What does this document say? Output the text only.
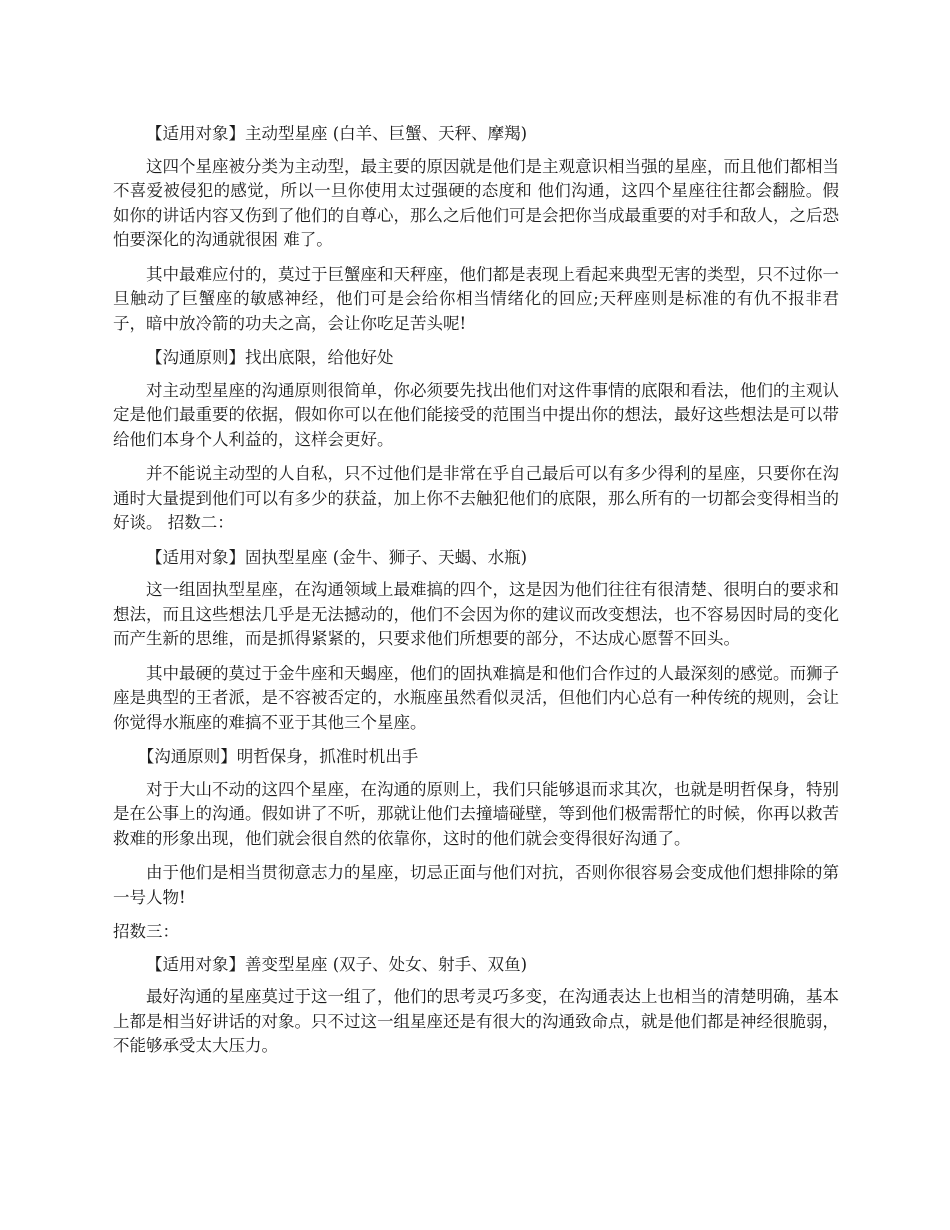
【适用对象】主动型星座 (白羊、巨蟹、天秤、摩羯)

这四个星座被分类为主动型，最主要的原因就是他们是主观意识相当强的星座，而且他们都相当不喜爱被侵犯的感觉，所以一旦你使用太过强硬的态度和 他们沟通，这四个星座往往都会翻脸。假如你的讲话内容又伤到了他们的自尊心，那么之后他们可是会把你当成最重要的对手和敌人，之后恐怕要深化的沟通就很困 难了。

其中最难应付的，莫过于巨蟹座和天秤座，他们都是表现上看起来典型无害的类型，只不过你一旦触动了巨蟹座的敏感神经，他们可是会给你相当情绪化的回应;天秤座则是标准的有仇不报非君子，暗中放冷箭的功夫之高，会让你吃足苦头呢!

【沟通原则】找出底限，给他好处

对主动型星座的沟通原则很简单，你必须要先找出他们对这件事情的底限和看法，他们的主观认定是他们最重要的依据，假如你可以在他们能接受的范围当中提出你的想法，最好这些想法是可以带给他们本身个人利益的，这样会更好。

并不能说主动型的人自私，只不过他们是非常在乎自己最后可以有多少得利的星座，只要你在沟通时大量提到他们可以有多少的获益，加上你不去触犯他们的底限，那么所有的一切都会变得相当的好谈。 招数二：

【适用对象】固执型星座 (金牛、狮子、天蝎、水瓶)

这一组固执型星座，在沟通领域上最难搞的四个，这是因为他们往往有很清楚、很明白的要求和想法，而且这些想法几乎是无法撼动的，他们不会因为你的建议而改变想法，也不容易因时局的变化而产生新的思维，而是抓得紧紧的，只要求他们所想要的部分，不达成心愿誓不回头。

其中最硬的莫过于金牛座和天蝎座，他们的固执难搞是和他们合作过的人最深刻的感觉。而狮子座是典型的王者派，是不容被否定的，水瓶座虽然看似灵活，但他们内心总有一种传统的规则，会让你觉得水瓶座的难搞不亚于其他三个星座。

【沟通原则】明哲保身，抓准时机出手

对于大山不动的这四个星座，在沟通的原则上，我们只能够退而求其次，也就是明哲保身，特别是在公事上的沟通。假如讲了不听，那就让他们去撞墙碰壁，等到他们极需帮忙的时候，你再以救苦救难的形象出现，他们就会很自然的依靠你，这时的他们就会变得很好沟通了。

由于他们是相当贯彻意志力的星座，切忌正面与他们对抗，否则你很容易会变成他们想排除的第一号人物!

招数三：

【适用对象】善变型星座 (双子、处女、射手、双鱼)

最好沟通的星座莫过于这一组了，他们的思考灵巧多变，在沟通表达上也相当的清楚明确，基本上都是相当好讲话的对象。只不过这一组星座还是有很大的沟通致命点，就是他们都是神经很脆弱，不能够承受太大压力。
